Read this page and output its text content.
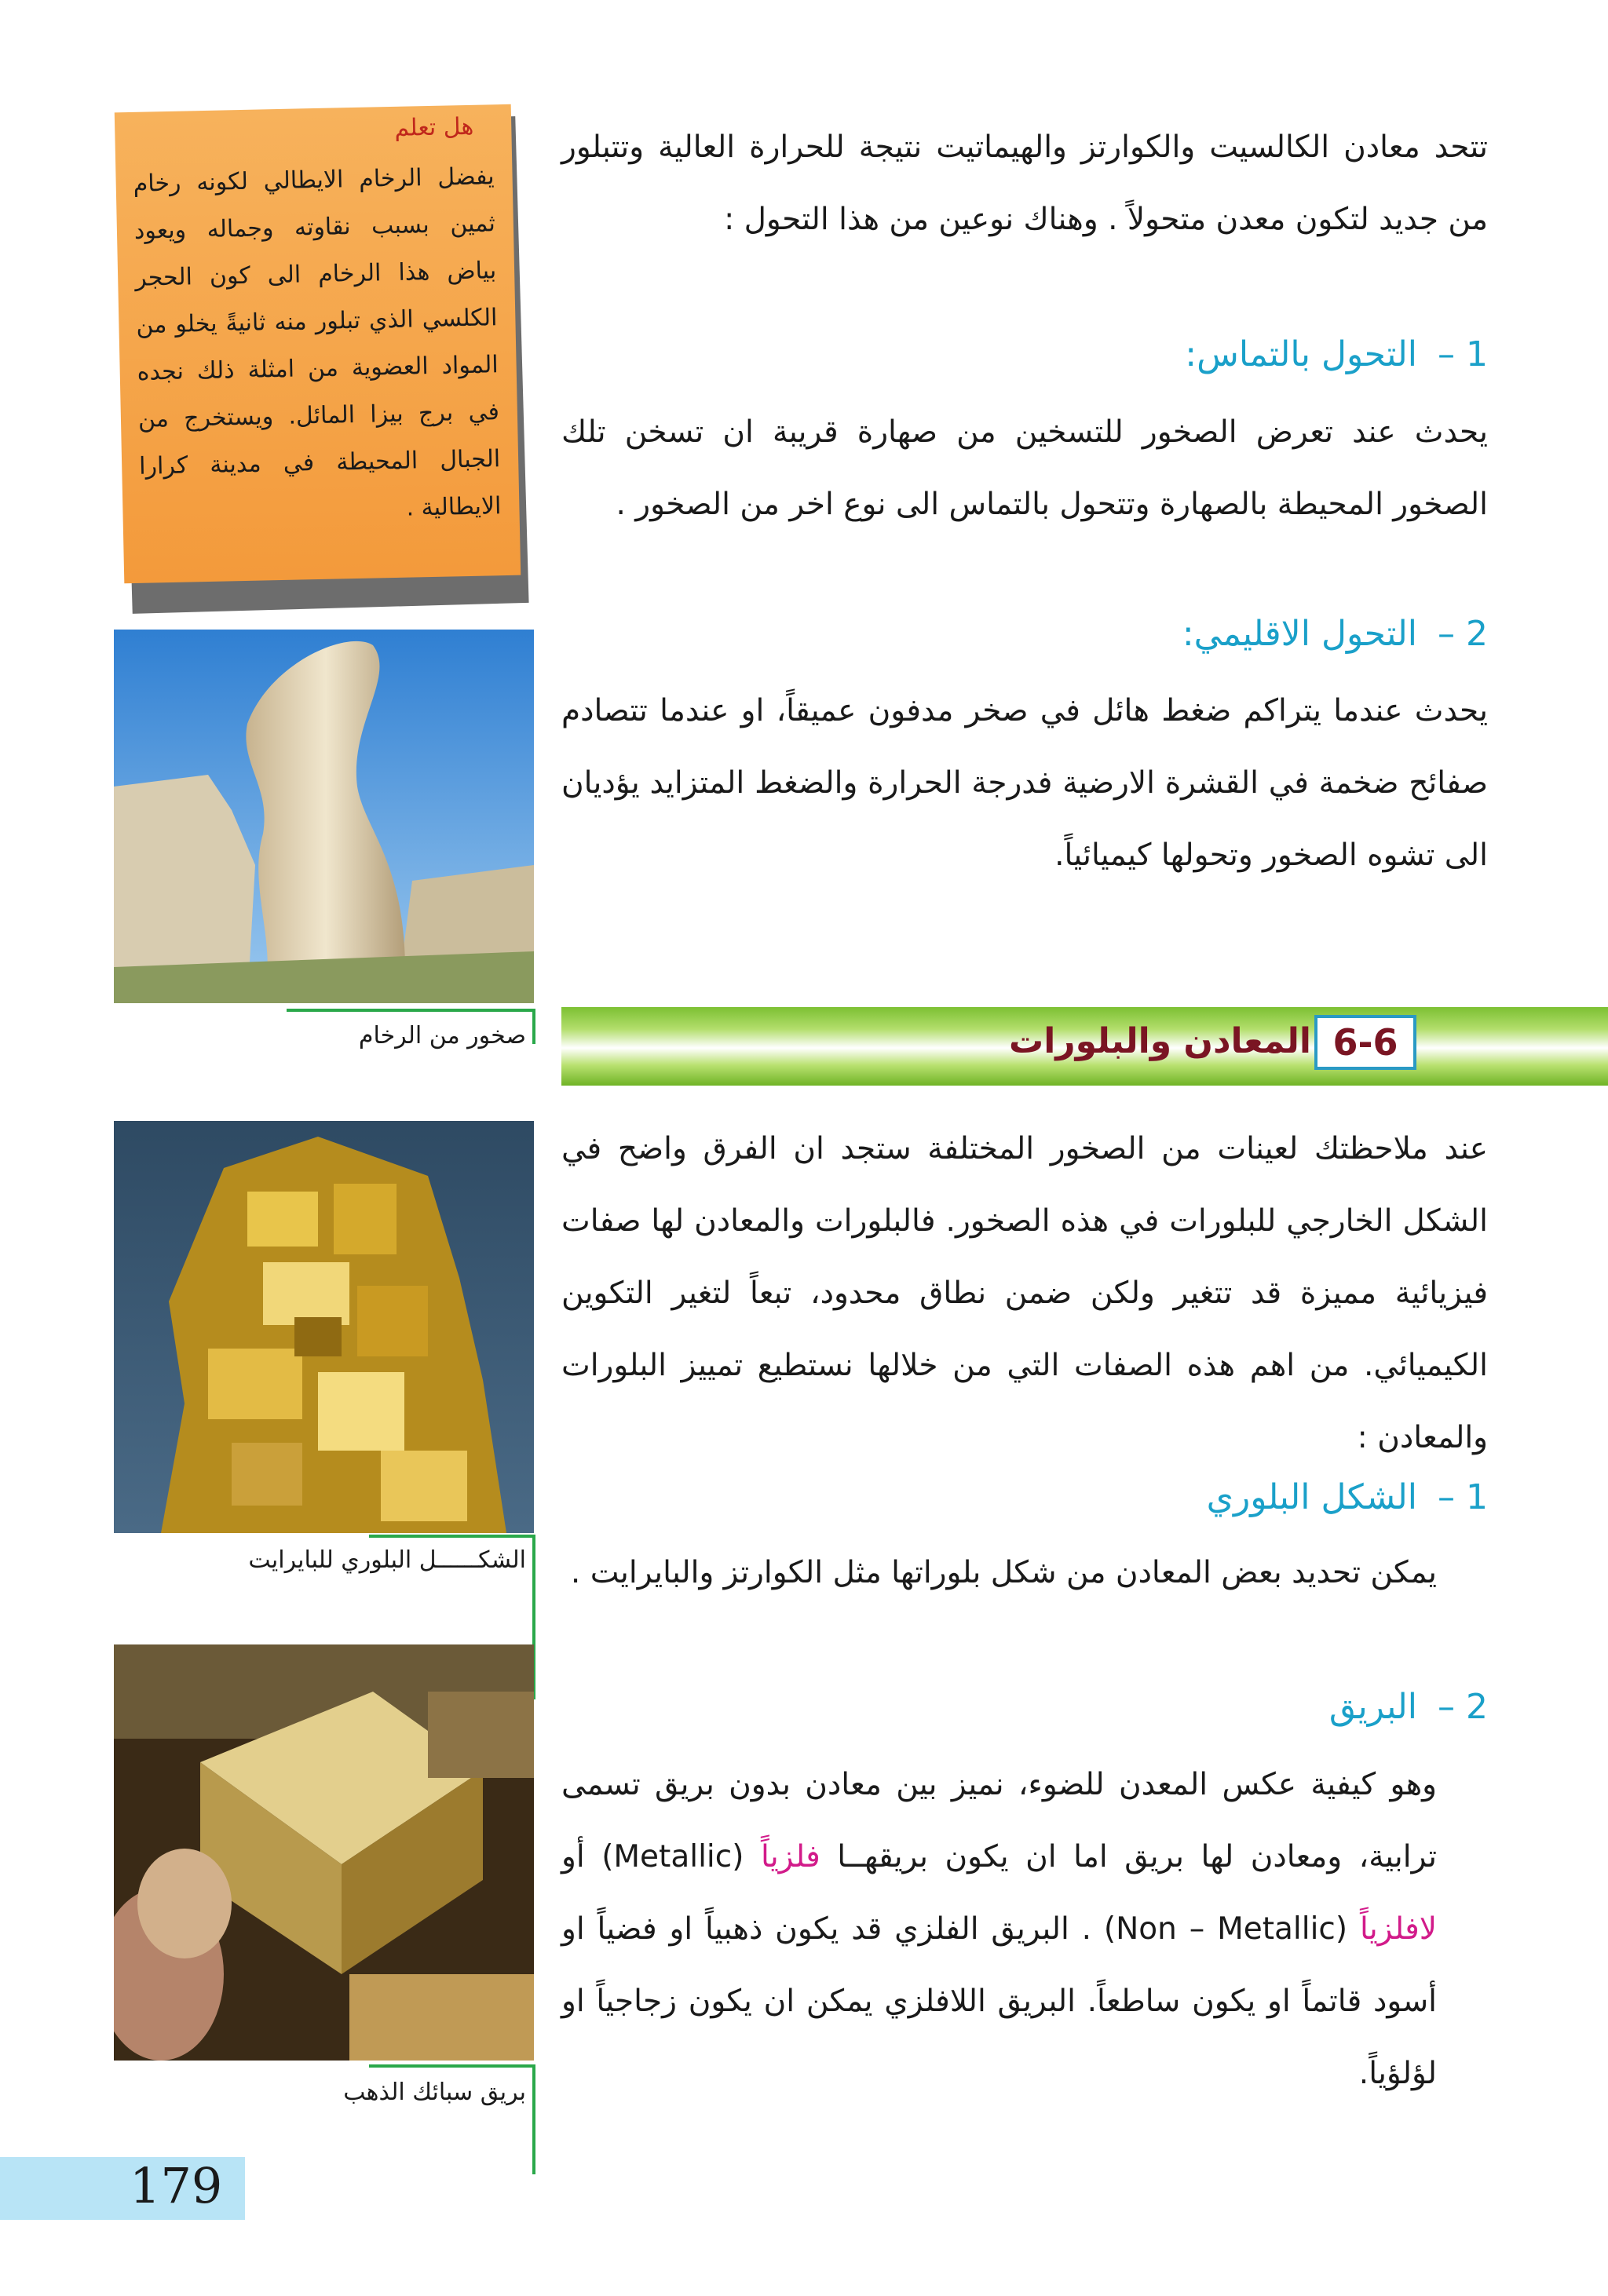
هل تعلم
يفضل الرخام الايطالي لكونه رخام ثمين بسبب نقاوته وجماله ويعود بياض هذا الرخام الى كون الحجر الكلسي الذي تبلور منه ثانيةً يخلو من المواد العضوية من امثلة ذلك نجده في برج بيزا المائل. ويستخرج من الجبال المحيطة في مدينة كرارا الايطالية .
صخور من الرخام
الشكــــــل البلوري للبايرايت
بريق سبائك الذهب
تتحد معادن الكالسيت والكوارتز والهيماتيت نتيجة للحرارة العالية وتتبلور من جديد لتكون معدن متحولاً . وهناك نوعين من هذا التحول :
1 – التحول بالتماس:
يحدث عند تعرض الصخور للتسخين من صهارة قريبة ان تسخن تلك الصخور المحيطة بالصهارة وتتحول بالتماس الى نوع اخر من الصخور .
2 – التحول الاقليمي:
يحدث عندما يتراكم ضغط هائل في صخر مدفون عميقاً، او عندما تتصادم صفائح ضخمة في القشرة الارضية فدرجة الحرارة والضغط المتزايد يؤديان الى تشوه الصخور وتحولها كيميائياً.
6-6
المعادن والبلورات
عند ملاحظتك لعينات من الصخور المختلفة ستجد ان الفرق واضح في الشكل الخارجي للبلورات في هذه الصخور. فالبلورات والمعادن لها صفات فيزيائية مميزة قد تتغير ولكن ضمن نطاق محدود، تبعاً لتغير التكوين الكيميائي. من اهم هذه الصفات التي من خلالها نستطيع تمييز البلورات والمعادن :
1 – الشكل البلوري
يمكن تحديد بعض المعادن من شكل بلوراتها مثل الكوارتز والبايرايت .
2 – البريق
وهو كيفية عكس المعدن للضوء، نميز بين معادن بدون بريق تسمى ترابية، ومعادن لها بريق اما ان يكون بريقهــا فلزياً (Metallic) أو لافلزياً (Non – Metallic) . البريق الفلزي قد يكون ذهبياً او فضياً او أسود قاتماً او يكون ساطعاً. البريق اللافلزي يمكن ان يكون زجاجياً او لؤلؤياً.
179
